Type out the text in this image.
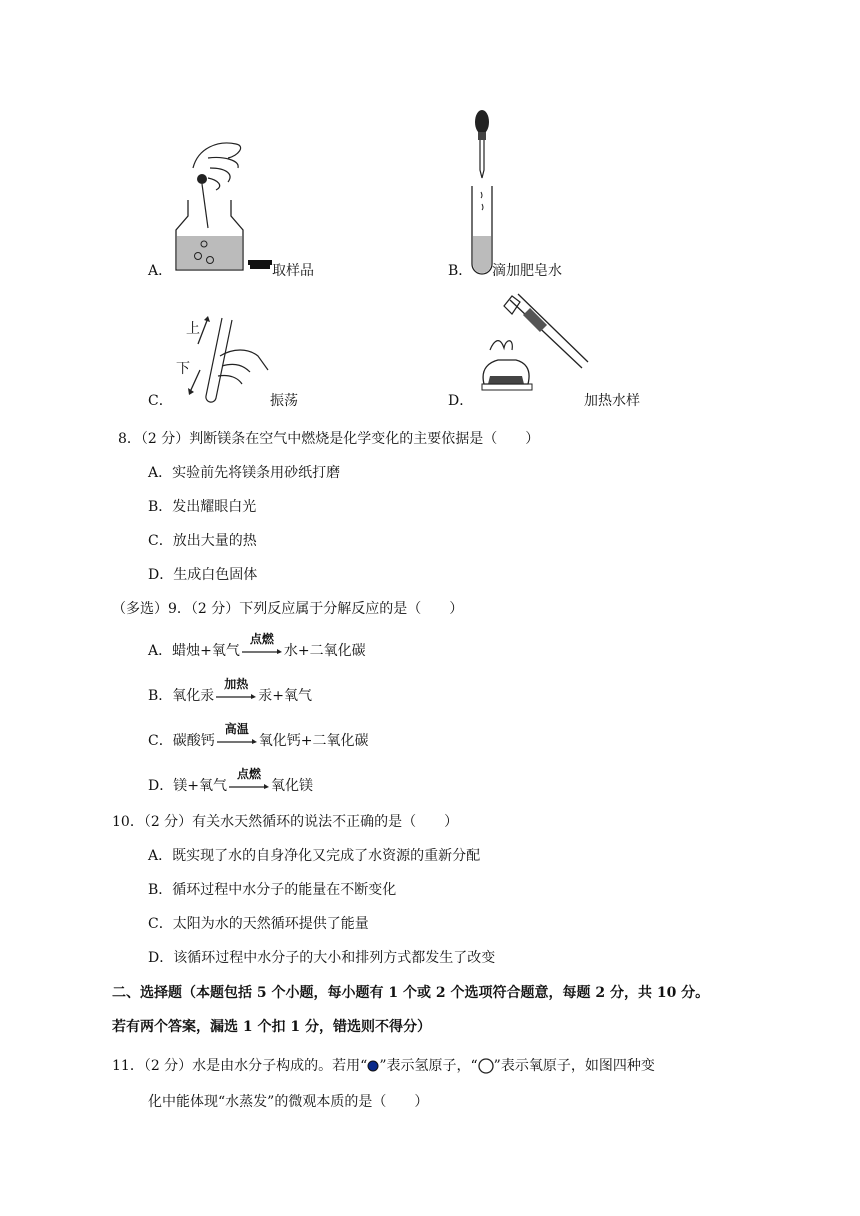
A．	取样品	B． 滴加肥皂水
上
下
C．	振荡	D．	加热水样
8．（2 分）判断镁条在空气中燃烧是化学变化的主要依据是（　　）
A．实验前先将镁条用砂纸打磨
B．发出耀眼白光
C．放出大量的热
D．生成白色固体
（多选）9．（2 分）下列反应属于分解反应的是（　　）
A．蜡烛+氧气
点燃
水+二氧化碳
B．氧化汞
加热
汞+氧气
C．碳酸钙
高温
氧化钙+二氧化碳
D．镁+氧气
点燃
氧化镁
10．（2 分）有关水天然循环的说法不正确的是（　　）
A．既实现了水的自身净化又完成了水资源的重新分配
B．循环过程中水分子的能量在不断变化
C．太阳为水的天然循环提供了能量
D．该循环过程中水分子的大小和排列方式都发生了改变
二、选择题（本题包括 5 个小题，每小题有 1 个或 2 个选项符合题意，每题 2 分，共 10 分。
若有两个答案，漏选 1 个扣 1 分，错选则不得分）
11．（2 分）水是由水分子构成的。若用“ ”表示氢原子，“ ”表示氧原子，如图四种变
化中能体现“水蒸发”的微观本质的是（　　）
